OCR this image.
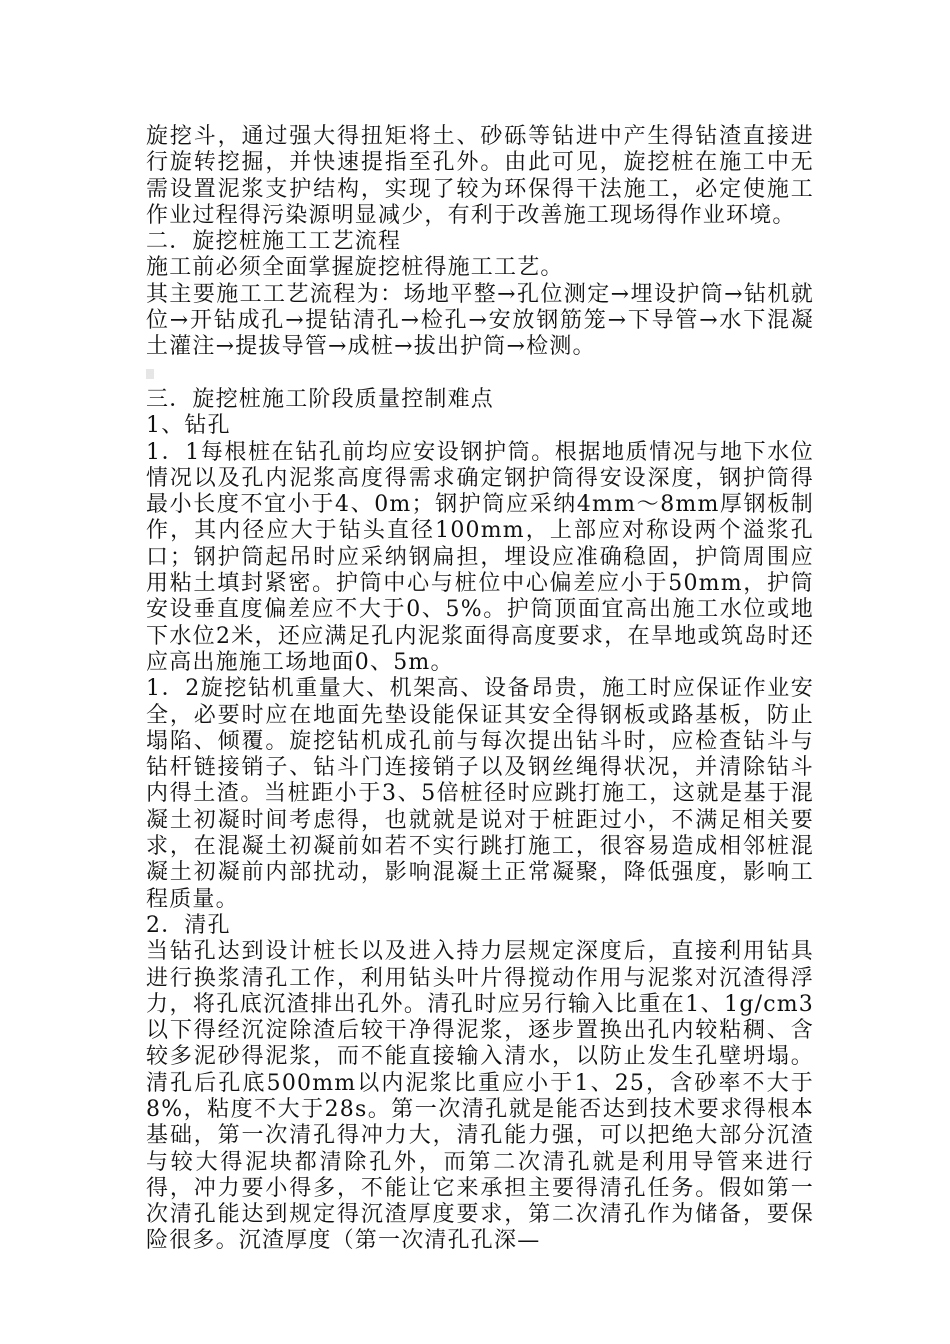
旋挖斗，通过强大得扭矩将土、砂砾等钻进中产生得钻渣直接进行旋转挖掘，并快速提指至孔外。由此可见，旋挖桩在施工中无需设置泥浆支护结构，实现了较为环保得干法施工，必定使施工作业过程得污染源明显减少，有利于改善施工现场得作业环境。

二．旋挖桩施工工艺流程

施工前必须全面掌握旋挖桩得施工工艺。

其主要施工工艺流程为：场地平整→孔位测定→埋设护筒→钻机就位→开钻成孔→提钻清孔→检孔→安放钢筋笼→下导管→水下混凝土灌注→提拔导管→成桩→拔出护筒→检测。

三．旋挖桩施工阶段质量控制难点

1、钻孔

1．1每根桩在钻孔前均应安设钢护筒。根据地质情况与地下水位情况以及孔内泥浆高度得需求确定钢护筒得安设深度，钢护筒得最小长度不宜小于4、0m；钢护筒应采纳4mm～8mm厚钢板制作，其内径应大于钻头直径100mm，上部应对称设两个溢浆孔口；钢护筒起吊时应采纳钢扁担，埋设应准确稳固，护筒周围应用粘土填封紧密。护筒中心与桩位中心偏差应小于50mm，护筒安设垂直度偏差应不大于0、5%。护筒顶面宜高出施工水位或地下水位2米，还应满足孔内泥浆面得高度要求，在旱地或筑岛时还应高出施施工场地面0、5m。

1．2旋挖钻机重量大、机架高、设备昂贵，施工时应保证作业安全，必要时应在地面先垫设能保证其安全得钢板或路基板，防止塌陷、倾覆。旋挖钻机成孔前与每次提出钻斗时，应检查钻斗与钻杆链接销子、钻斗门连接销子以及钢丝绳得状况，并清除钻斗内得土渣。当桩距小于3、5倍桩径时应跳打施工，这就是基于混凝土初凝时间考虑得，也就就是说对于桩距过小，不满足相关要求，在混凝土初凝前如若不实行跳打施工，很容易造成相邻桩混凝土初凝前内部扰动，影响混凝土正常凝聚，降低强度，影响工程质量。

2．清孔

当钻孔达到设计桩长以及进入持力层规定深度后，直接利用钻具进行换浆清孔工作，利用钻头叶片得搅动作用与泥浆对沉渣得浮力，将孔底沉渣排出孔外。清孔时应另行输入比重在1、1g/cm3以下得经沉淀除渣后较干净得泥浆，逐步置换出孔内较粘稠、含较多泥砂得泥浆，而不能直接输入清水，以防止发生孔壁坍塌。清孔后孔底500mm以内泥浆比重应小于1、25，含砂率不大于8%，粘度不大于28s。第一次清孔就是能否达到技术要求得根本基础，第一次清孔得冲力大，清孔能力强，可以把绝大部分沉渣与较大得泥块都清除孔外，而第二次清孔就是利用导管来进行得，冲力要小得多，不能让它来承担主要得清孔任务。假如第一次清孔能达到规定得沉渣厚度要求，第二次清孔作为储备，要保险很多。沉渣厚度（第一次清孔孔深—
